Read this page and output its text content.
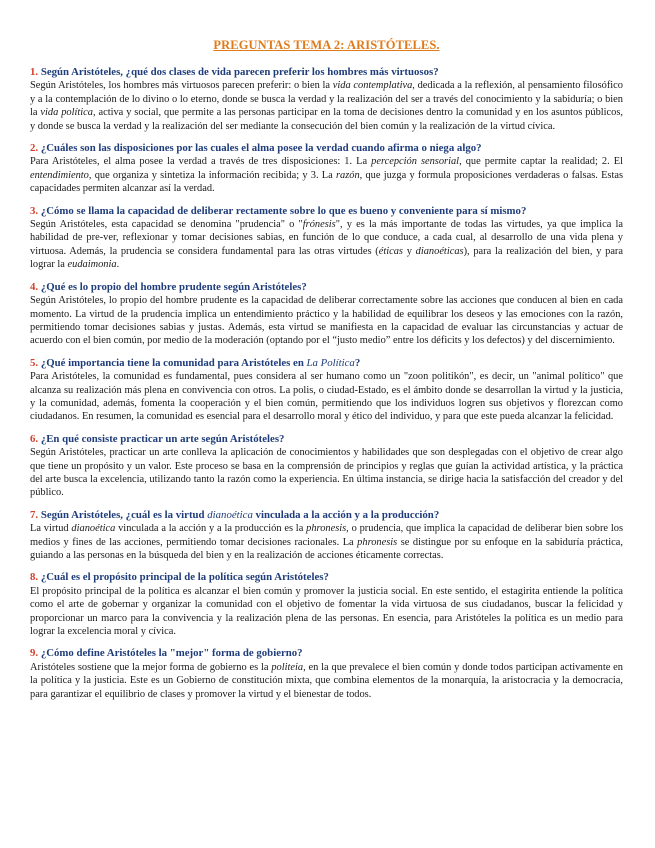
PREGUNTAS TEMA 2: ARISTÓTELES.

1. Según Aristóteles, ¿qué dos clases de vida parecen preferir los hombres más virtuosos?

Según Aristóteles, los hombres más virtuosos parecen preferir: o bien la vida contemplativa, dedicada a la reflexión, al pensamiento filosófico y a la contemplación de lo divino o lo eterno, donde se busca la verdad y la realización del ser a través del conocimiento y la sabiduría; o bien la vida política, activa y social, que permite a las personas participar en la toma de decisiones dentro la comunidad y en los asuntos públicos, y donde se busca la verdad y la realización del ser mediante la consecución del bien común y la realización de la virtud cívica.

2. ¿Cuáles son las disposiciones por las cuales el alma posee la verdad cuando afirma o niega algo?

Para Aristóteles, el alma posee la verdad a través de tres disposiciones: 1. La percepción sensorial, que permite captar la realidad; 2. El entendimiento, que organiza y sintetiza la información recibida; y 3. La razón, que juzga y formula proposiciones verdaderas o falsas. Estas capacidades permiten alcanzar así la verdad.

3. ¿Cómo se llama la capacidad de deliberar rectamente sobre lo que es bueno y conveniente para sí mismo?

Según Aristóteles, esta capacidad se denomina "prudencia" o "frónesis", y es la más importante de todas las virtudes, ya que implica la habilidad de pre-ver, reflexionar y tomar decisiones sabias, en función de lo que conduce, a cada cual, al desarrollo de una vida plena y virtuosa. Además, la prudencia se considera fundamental para las otras virtudes (éticas y dianoéticas), para la realización del bien, y para lograr la eudaimonia.

4. ¿Qué es lo propio del hombre prudente según Aristóteles?

Según Aristóteles, lo propio del hombre prudente es la capacidad de deliberar correctamente sobre las acciones que conducen al bien en cada momento. La virtud de la prudencia implica un entendimiento práctico y la habilidad de equilibrar los deseos y las emociones con la razón, permitiendo tomar decisiones sabias y justas. Además, esta virtud se manifiesta en la capacidad de evaluar las circunstancias y actuar de acuerdo con el bien común, por medio de la moderación (optando por el “justo medio” entre los déficits y los defectos) y del discernimiento.

5. ¿Qué importancia tiene la comunidad para Aristóteles en La Política?

Para Aristóteles, la comunidad es fundamental, pues considera al ser humano como un "zoon politikón", es decir, un "animal político" que alcanza su realización más plena en convivencia con otros. La polis, o ciudad-Estado, es el ámbito donde se desarrollan la virtud y la justicia, y la comunidad, además, fomenta la cooperación y el bien común, permitiendo que los individuos logren sus objetivos y florezcan como ciudadanos. En resumen, la comunidad es esencial para el desarrollo moral y ético del individuo, y para que este pueda alcanzar la felicidad.

6. ¿En qué consiste practicar un arte según Aristóteles?

Según Aristóteles, practicar un arte conlleva la aplicación de conocimientos y habilidades que son desplegadas con el objetivo de crear algo que tiene un propósito y un valor. Este proceso se basa en la comprensión de principios y reglas que guían la actividad artística, y la práctica del arte busca la excelencia, utilizando tanto la razón como la experiencia. En última instancia, se dirige hacia la satisfacción del creador y del público.

7. Según Aristóteles, ¿cuál es la virtud dianoética vinculada a la acción y a la producción?

La virtud dianoética vinculada a la acción y a la producción es la phronesis, o prudencia, que implica la capacidad de deliberar bien sobre los medios y fines de las acciones, permitiendo tomar decisiones racionales. La phronesis se distingue por su enfoque en la sabiduría práctica, guiando a las personas en la búsqueda del bien y en la realización de acciones éticamente correctas.

8. ¿Cuál es el propósito principal de la política según Aristóteles?

El propósito principal de la política es alcanzar el bien común y promover la justicia social. En este sentido, el estagirita entiende la política como el arte de gobernar y organizar la comunidad con el objetivo de fomentar la vida virtuosa de sus ciudadanos, buscar la felicidad y proporcionar un marco para la convivencia y la realización plena de las personas. En esencia, para Aristóteles la política es un medio para lograr la excelencia moral y cívica.

9. ¿Cómo define Aristóteles la "mejor" forma de gobierno?

Aristóteles sostiene que la mejor forma de gobierno es la politeia, en la que prevalece el bien común y donde todos participan activamente en la política y la justicia. Este es un Gobierno de constitución mixta, que combina elementos de la monarquía, la aristocracia y la democracia, para garantizar el equilibrio de clases y promover la virtud y el bienestar de todos.
